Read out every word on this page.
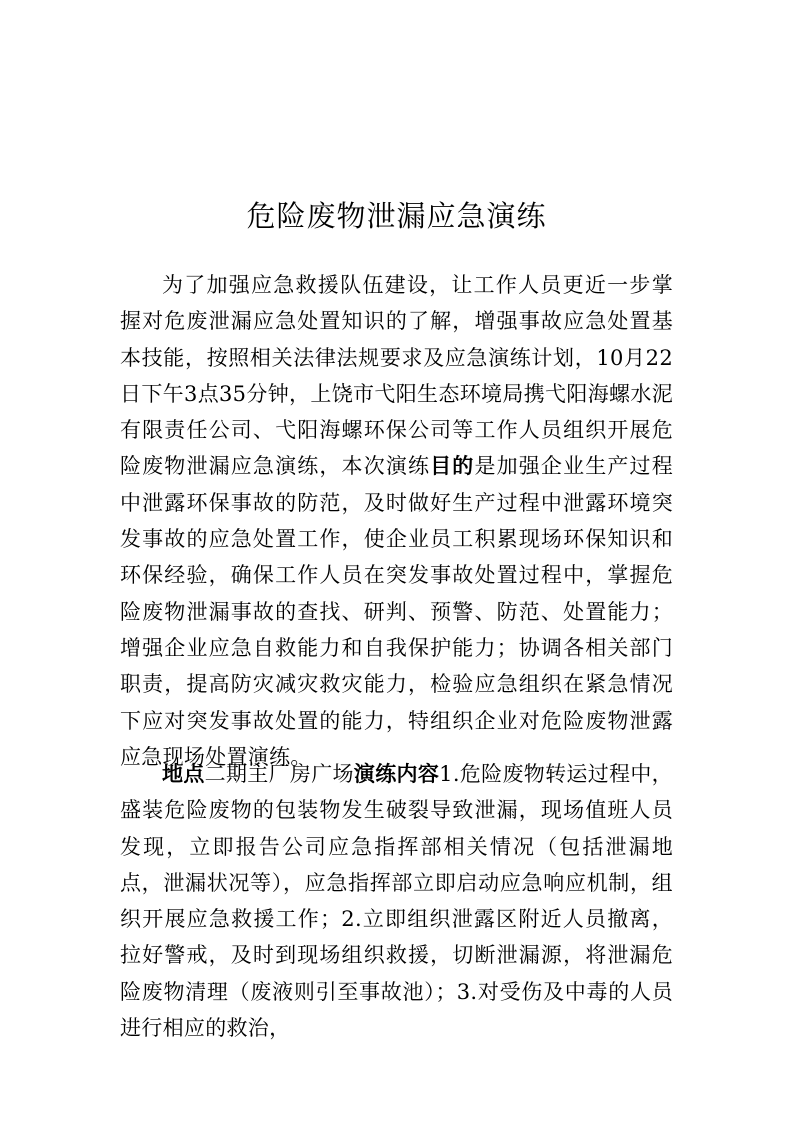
危险废物泄漏应急演练

为了加强应急救援队伍建设，让工作人员更近一步掌握对危废泄漏应急处置知识的了解，增强事故应急处置基本技能，按照相关法律法规要求及应急演练计划，10月22日下午3点35分钟，上饶市弋阳生态环境局携弋阳海螺水泥有限责任公司、弋阳海螺环保公司等工作人员组织开展危险废物泄漏应急演练，本次演练目的是加强企业生产过程中泄露环保事故的防范，及时做好生产过程中泄露环境突发事故的应急处置工作，使企业员工积累现场环保知识和环保经验，确保工作人员在突发事故处置过程中，掌握危险废物泄漏事故的查找、研判、预警、防范、处置能力；增强企业应急自救能力和自我保护能力；协调各相关部门职责，提高防灾减灾救灾能力，检验应急组织在紧急情况下应对突发事故处置的能力，特组织企业对危险废物泄露应急现场处置演练。

地点二期主厂房广场演练内容1.危险废物转运过程中，盛装危险废物的包装物发生破裂导致泄漏，现场值班人员发现，立即报告公司应急指挥部相关情况（包括泄漏地点，泄漏状况等），应急指挥部立即启动应急响应机制，组织开展应急救援工作；2.立即组织泄露区附近人员撤离，拉好警戒，及时到现场组织救援，切断泄漏源，将泄漏危险废物清理（废液则引至事故池）；3.对受伤及中毒的人员进行相应的救治，
